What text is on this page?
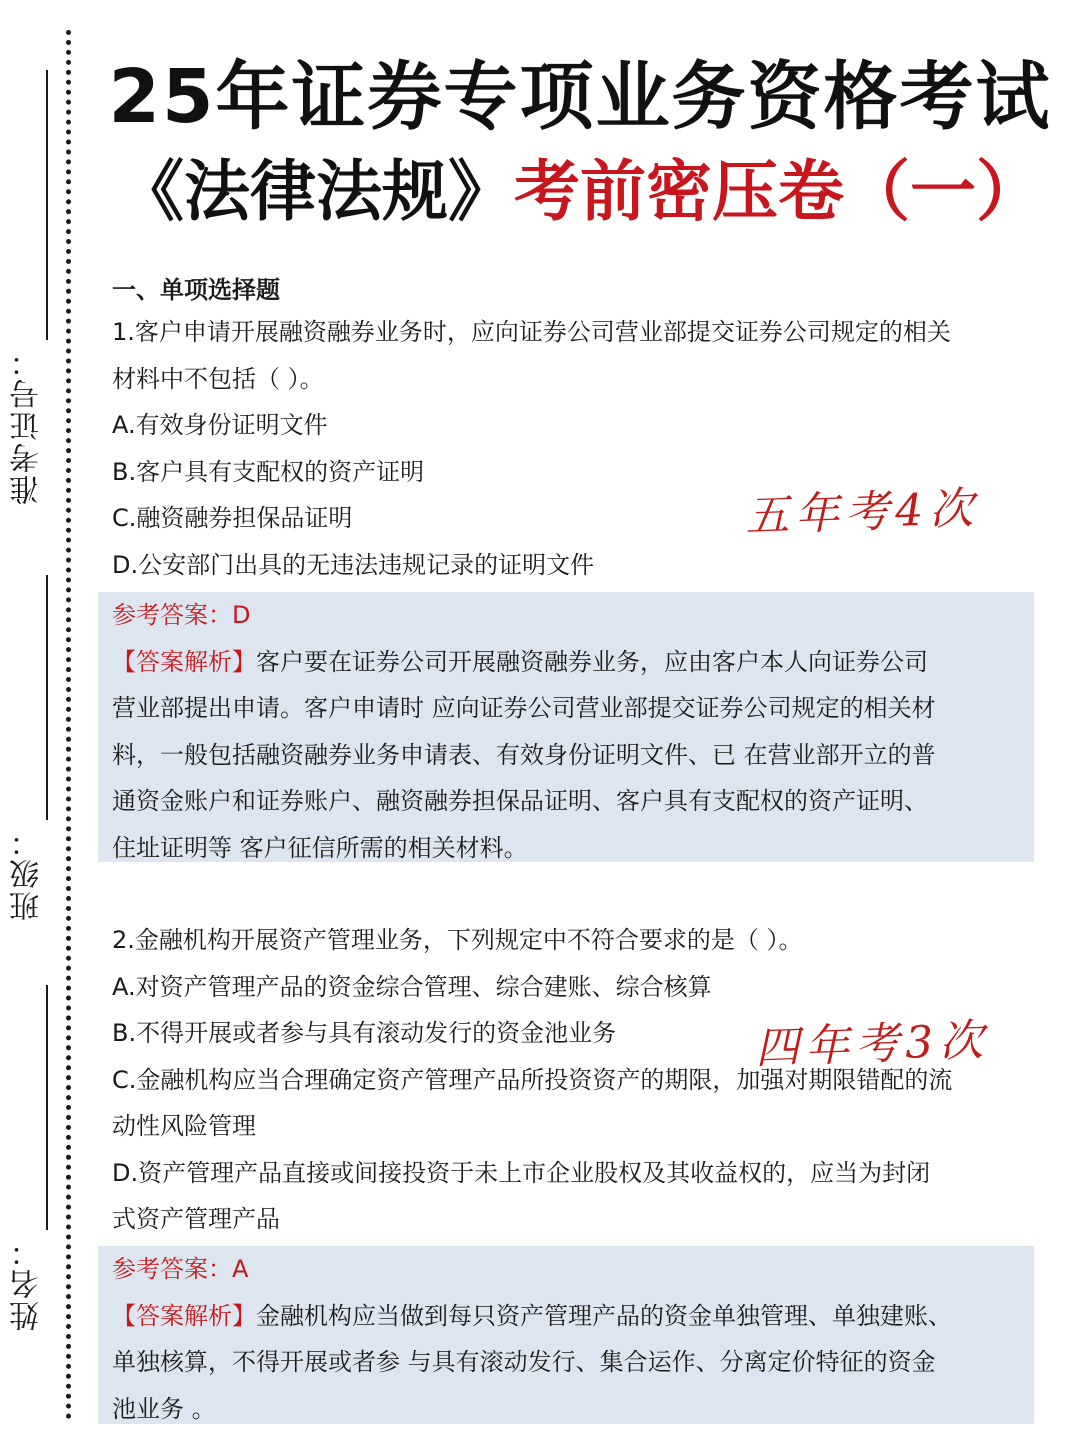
准考证号：
班级：
姓名：
25年证券专项业务资格考试
《法律法规》考前密压卷（一）
一、单项选择题
1.客户申请开展融资融券业务时，应向证券公司营业部提交证券公司规定的相关
材料中不包括（ ）。
A.有效身份证明文件
B.客户具有支配权的资产证明
C.融资融券担保品证明
D.公安部门出具的无违法违规记录的证明文件
五年考4次
参考答案：D
【答案解析】客户要在证券公司开展融资融券业务，应由客户本人向证券公司
营业部提出申请。客户申请时 应向证券公司营业部提交证券公司规定的相关材
料，一般包括融资融券业务申请表、有效身份证明文件、已 在营业部开立的普
通资金账户和证券账户、融资融券担保品证明、客户具有支配权的资产证明、
住址证明等 客户征信所需的相关材料。
2.金融机构开展资产管理业务，下列规定中不符合要求的是（ ）。
A.对资产管理产品的资金综合管理、综合建账、综合核算
B.不得开展或者参与具有滚动发行的资金池业务
C.金融机构应当合理确定资产管理产品所投资资产的期限，加强对期限错配的流
动性风险管理
D.资产管理产品直接或间接投资于未上市企业股权及其收益权的，应当为封闭
式资产管理产品
四年考3次
参考答案：A
【答案解析】金融机构应当做到每只资产管理产品的资金单独管理、单独建账、
单独核算，不得开展或者参 与具有滚动发行、集合运作、分离定价特征的资金
池业务 。
